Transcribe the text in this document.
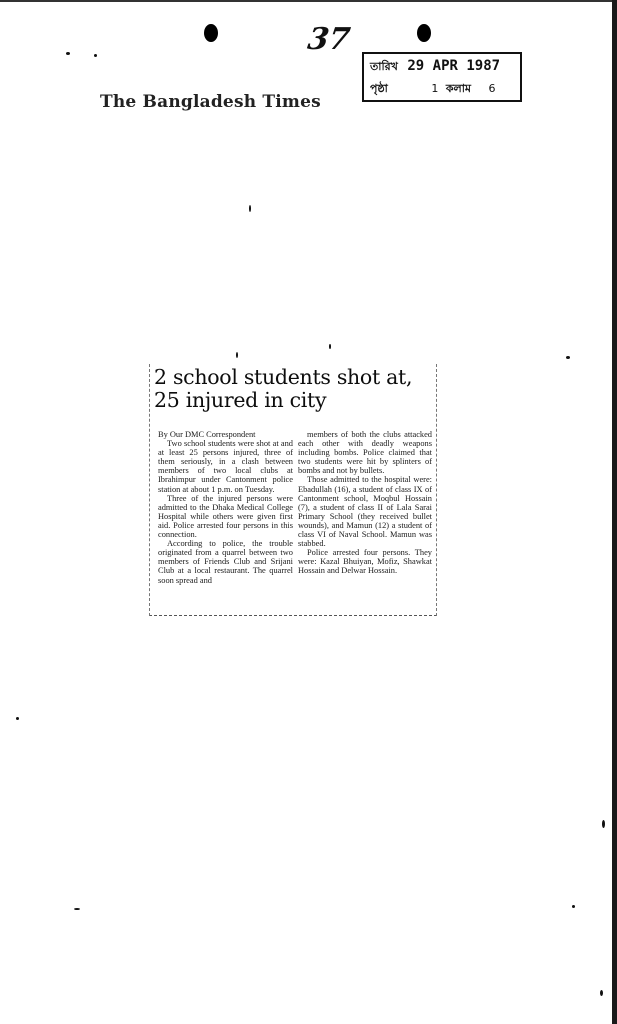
37
তারিখ 29 APR 1987
পৃষ্ঠা	1 কলাম 6
The Bangladesh Times
2 school students shot at, 25 injured in city

By Our DMC Correspondent

Two school students were shot at and at least 25 persons injured, three of them seriously, in a clash between members of two local clubs at Ibrahimpur under Cantonment police station at about 1 p.m. on Tuesday.

Three of the injured persons were admitted to the Dhaka Medical College Hospital while others were given first aid. Police arrested four persons in this connection.

According to police, the trouble originated from a quarrel between two members of Friends Club and Srijani Club at a local restaurant. The quarrel soon spread and

members of both the clubs attacked each other with deadly weapons including bombs. Police claimed that two students were hit by splinters of bombs and not by bullets.

Those admitted to the hospital were: Ebadullah (16), a student of class IX of Cantonment school, Moqbul Hossain (7), a student of class II of Lala Sarai Primary School (they received bullet wounds), and Mamun (12) a student of class VI of Naval School. Mamun was stabbed.

Police arrested four persons. They were: Kazal Bhuiyan, Mofiz, Shawkat Hossain and Delwar Hossain.
